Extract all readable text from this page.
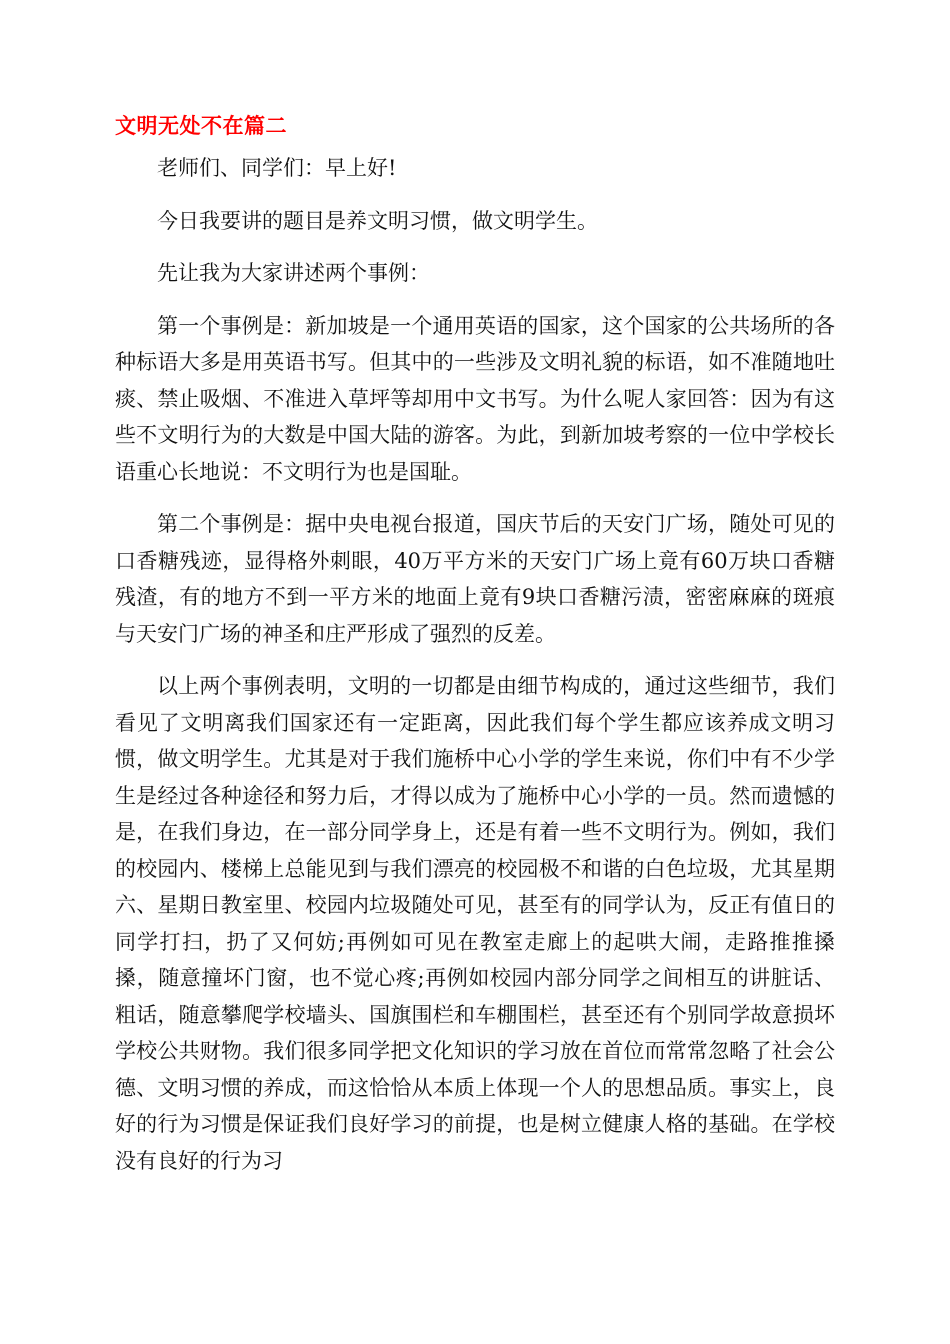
文明无处不在篇二

老师们、同学们：早上好!

今日我要讲的题目是养文明习惯，做文明学生。

先让我为大家讲述两个事例：

第一个事例是：新加坡是一个通用英语的国家，这个国家的公共场所的各种标语大多是用英语书写。但其中的一些涉及文明礼貌的标语，如不准随地吐痰、禁止吸烟、不准进入草坪等却用中文书写。为什么呢人家回答：因为有这些不文明行为的大数是中国大陆的游客。为此，到新加坡考察的一位中学校长语重心长地说：不文明行为也是国耻。

第二个事例是：据中央电视台报道，国庆节后的天安门广场，随处可见的口香糖残迹，显得格外刺眼，40万平方米的天安门广场上竟有60万块口香糖残渣，有的地方不到一平方米的地面上竟有9块口香糖污渍，密密麻麻的斑痕与天安门广场的神圣和庄严形成了强烈的反差。

以上两个事例表明，文明的一切都是由细节构成的，通过这些细节，我们看见了文明离我们国家还有一定距离，因此我们每个学生都应该养成文明习惯，做文明学生。尤其是对于我们施桥中心小学的学生来说，你们中有不少学生是经过各种途径和努力后，才得以成为了施桥中心小学的一员。然而遗憾的是，在我们身边，在一部分同学身上，还是有着一些不文明行为。例如，我们的校园内、楼梯上总能见到与我们漂亮的校园极不和谐的白色垃圾，尤其星期六、星期日教室里、校园内垃圾随处可见，甚至有的同学认为，反正有值日的同学打扫，扔了又何妨;再例如可见在教室走廊上的起哄大闹，走路推推搡搡，随意撞坏门窗，也不觉心疼;再例如校园内部分同学之间相互的讲脏话、粗话，随意攀爬学校墙头、国旗围栏和车棚围栏，甚至还有个别同学故意损坏学校公共财物。我们很多同学把文化知识的学习放在首位而常常忽略了社会公德、文明习惯的养成，而这恰恰从本质上体现一个人的思想品质。事实上，良好的行为习惯是保证我们良好学习的前提，也是树立健康人格的基础。在学校没有良好的行为习
